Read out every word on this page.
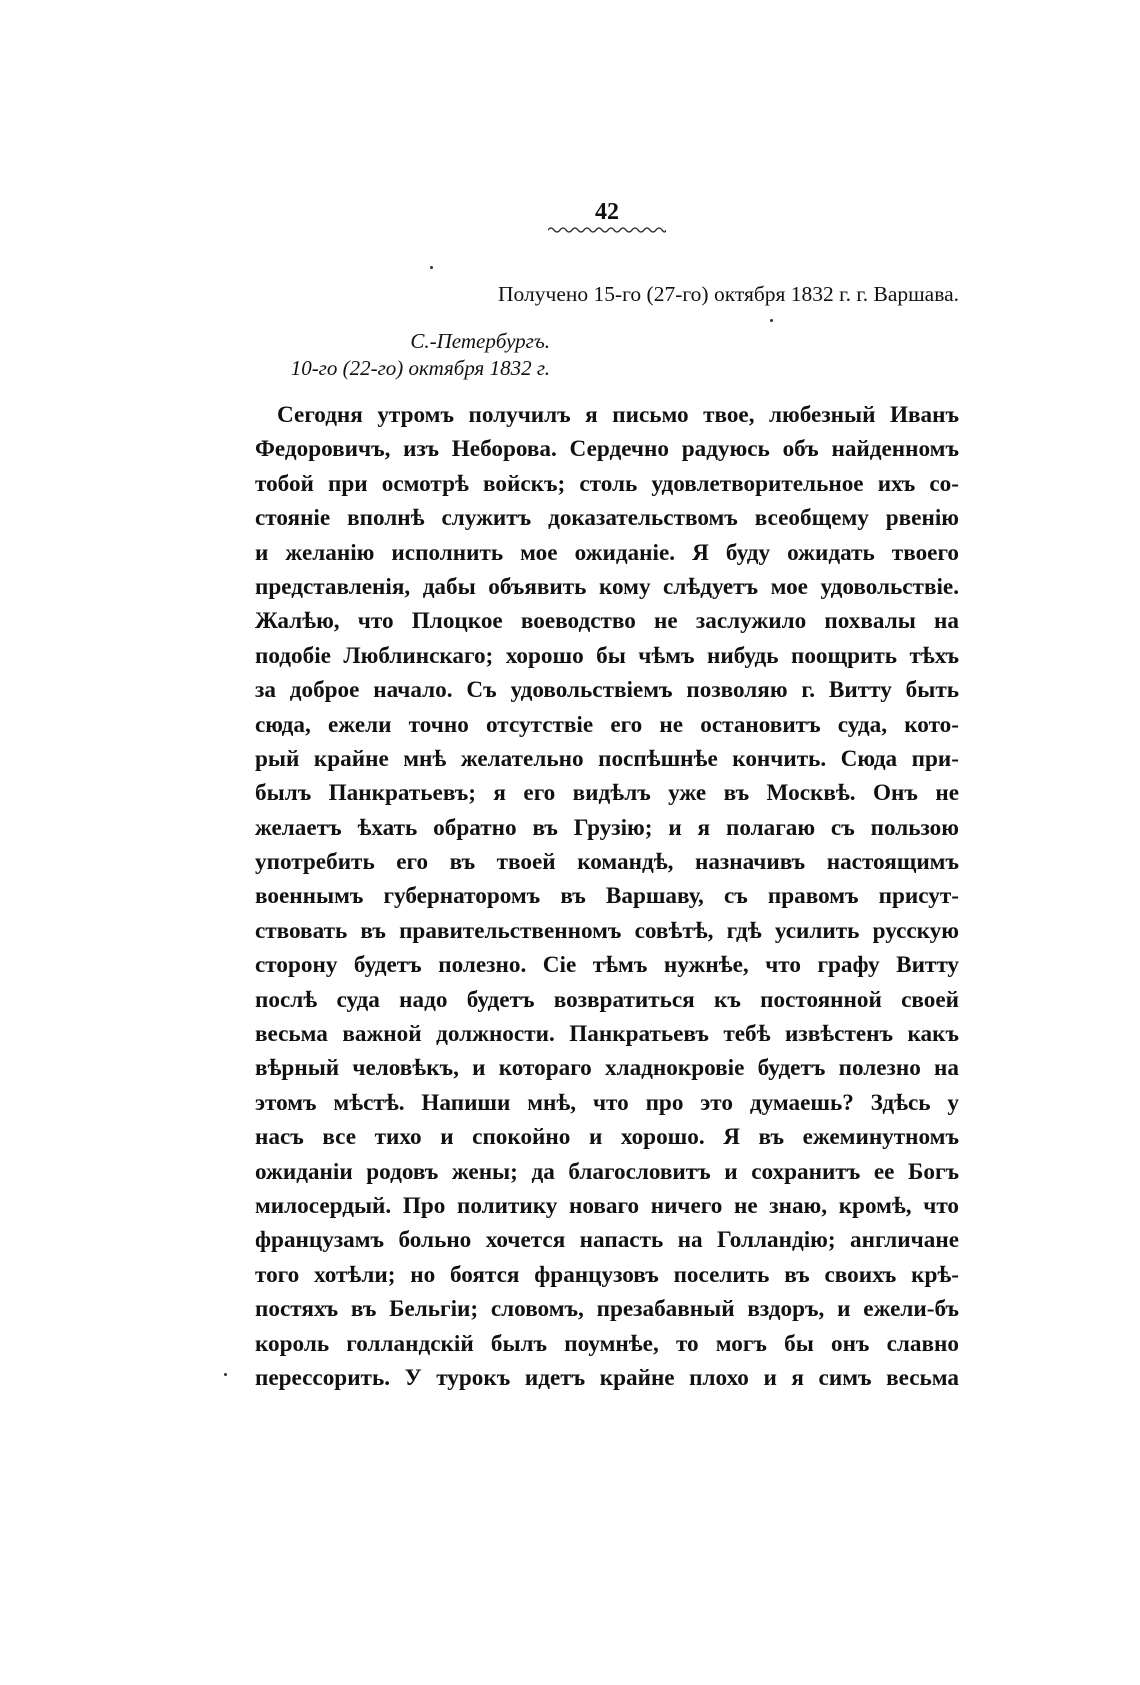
42
Получено 15-го (27-го) октября 1832 г. г. Варшава.
С.-Петербургъ.
10-го (22-го) октября 1832 г.
Сегодня утромъ получилъ я письмо твое, любезный Иванъ
Федоровичъ, изъ Неборова. Сердечно радуюсь объ найденномъ
тобой при осмотрѣ войскъ; столь удовлетворительное ихъ со-
стояніе вполнѣ служитъ доказательствомъ всеобщему рвенію
и желанію исполнить мое ожиданіе. Я буду ожидать твоего
представленія, дабы объявить кому слѣдуетъ мое удовольствіе.
Жалѣю, что Плоцкое воеводство не заслужило похвалы на
подобіе Люблинскаго; хорошо бы чѣмъ нибудь поощрить тѣхъ
за доброе начало. Съ удовольствіемъ позволяю г. Витту быть
сюда, ежели точно отсутствіе его не остановитъ суда, кото-
рый крайне мнѣ желательно поспѣшнѣе кончить. Сюда при-
былъ Панкратьевъ; я его видѣлъ уже въ Москвѣ. Онъ не
желаетъ ѣхать обратно въ Грузію; и я полагаю съ пользою
употребить его въ твоей командѣ, назначивъ настоящимъ
военнымъ губернаторомъ въ Варшаву, съ правомъ присут-
ствовать въ правительственномъ совѣтѣ, гдѣ усилить русскую
сторону будетъ полезно. Сіе тѣмъ нужнѣе, что графу Витту
послѣ суда надо будетъ возвратиться къ постоянной своей
весьма важной должности. Панкратьевъ тебѣ извѣстенъ какъ
вѣрный человѣкъ, и котораго хладнокровіе будетъ полезно на
этомъ мѣстѣ. Напиши мнѣ, что про это думаешь? Здѣсь у
насъ все тихо и спокойно и хорошо. Я въ ежеминутномъ
ожиданіи родовъ жены; да благословитъ и сохранитъ ее Богъ
милосердый. Про политику новаго ничего не знаю, кромѣ, что
французамъ больно хочется напасть на Голландію; англичане
того хотѣли; но боятся французовъ поселить въ своихъ крѣ-
постяхъ въ Бельгіи; словомъ, презабавный вздоръ, и ежели-бъ
король голландскій былъ поумнѣе, то могъ бы онъ славно
перессорить. У турокъ идетъ крайне плохо и я симъ весьма
